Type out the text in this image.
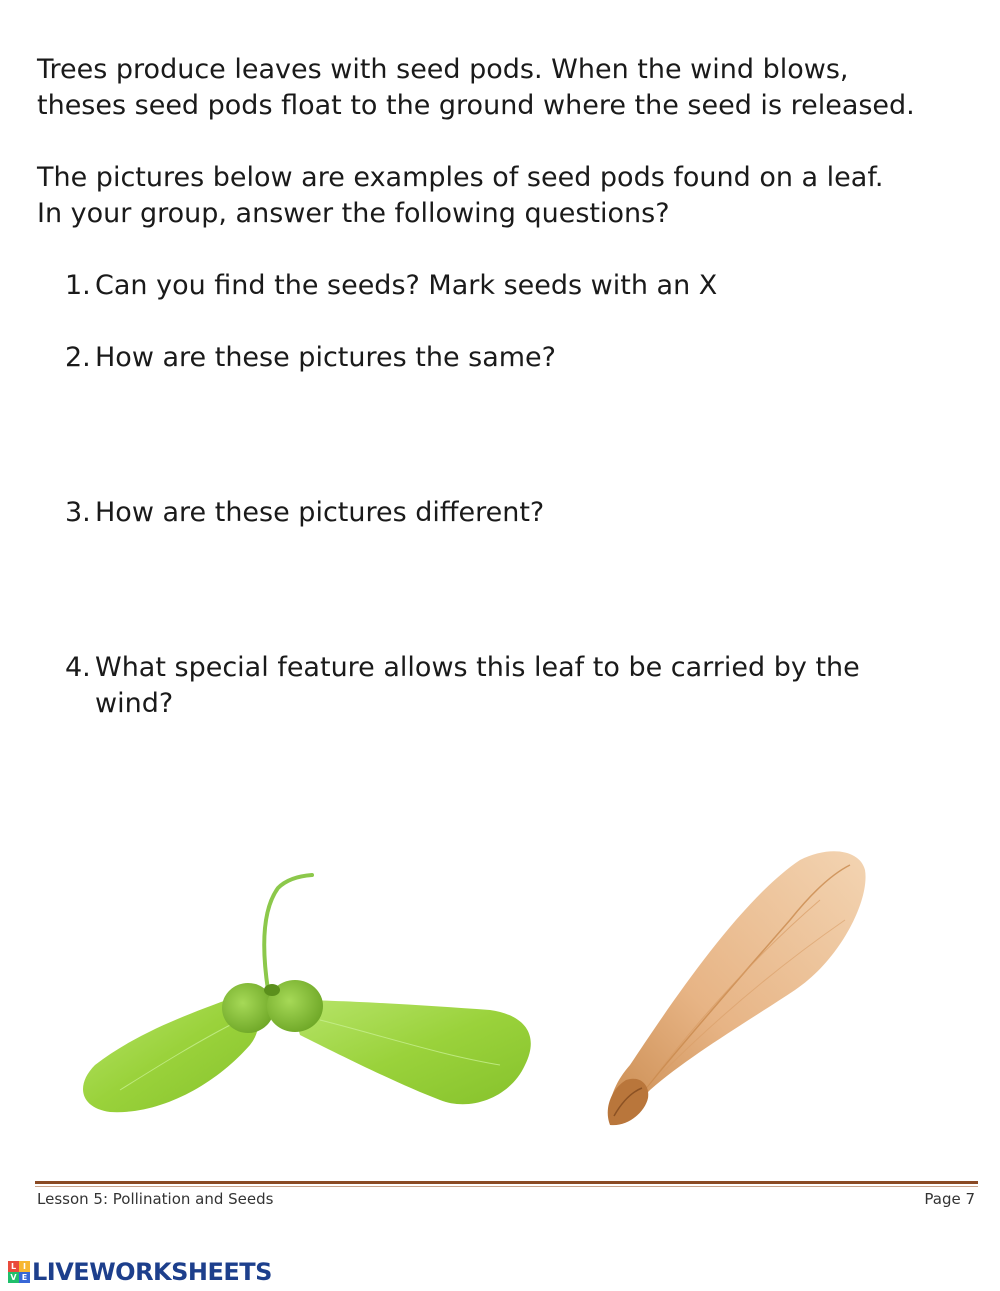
Trees produce leaves with seed pods. When the wind blows,

theses seed pods float to the ground where the seed is released.

The pictures below are examples of seed pods found on a leaf.

In your group, answer the following questions?

1. Can you find the seeds? Mark seeds with an X
2. How are these pictures the same?
3. How are these pictures different?
4. What special feature allows this leaf to be carried by the
wind?
Lesson 5: Pollination and Seeds	Page 7
L I
V E LIVEWORKSHEETS
